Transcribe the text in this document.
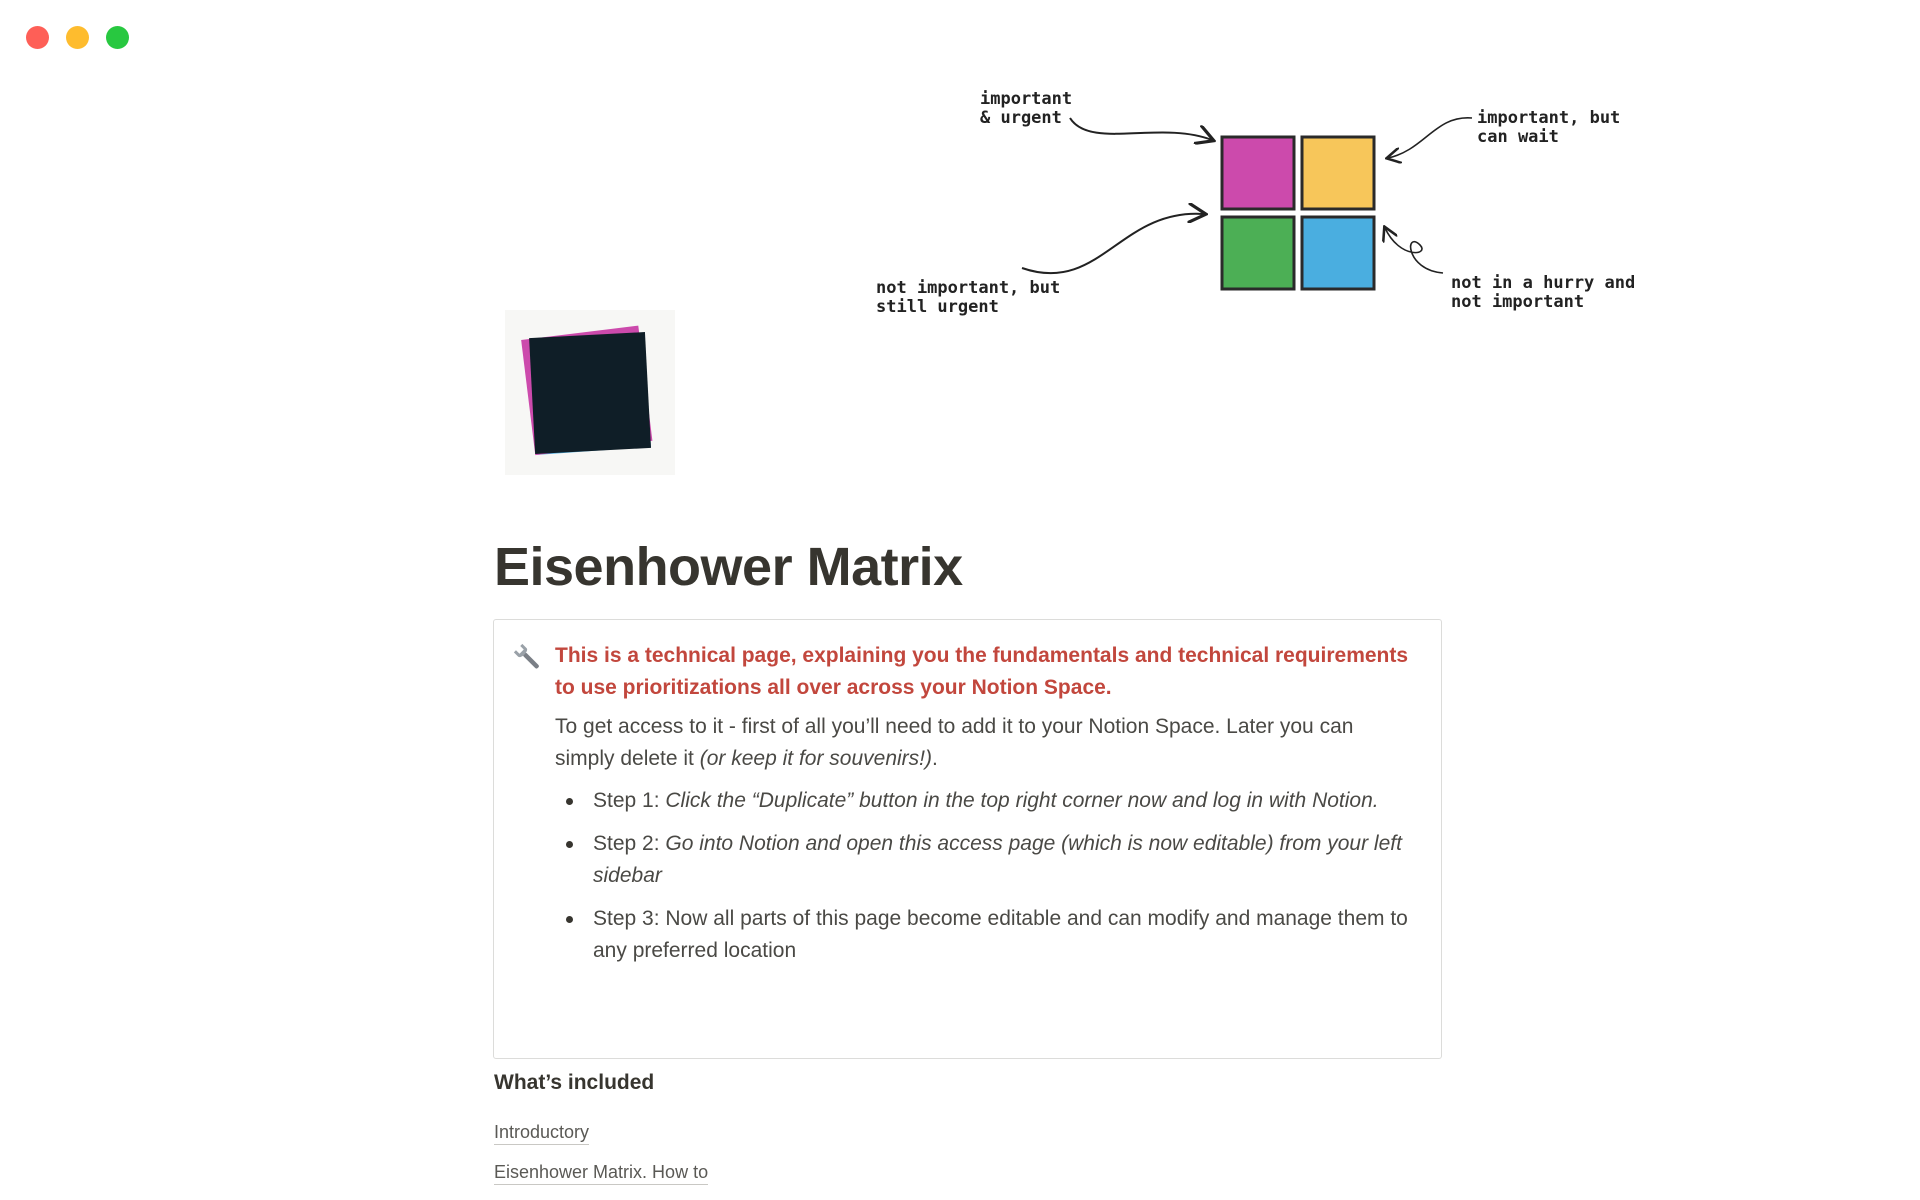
important
& urgent	important, but
can wait
not important, but
still urgent
not in a hurry and
not important
Eisenhower Matrix
This is a technical page, explaining you the fundamentals and technical requirements to use prioritizations all over across your Notion Space.
To get access to it - first of all you’ll need to add it to your Notion Space. Later you can simply delete it (or keep it for souvenirs!).
Step 1: Click the “Duplicate” button in the top right corner now and log in with Notion.
Step 2: Go into Notion and open this access page (which is now editable) from your left sidebar
Step 3: Now all parts of this page become editable and can modify and manage them to any preferred location
What’s included
Introductory
Eisenhower Matrix. How to
